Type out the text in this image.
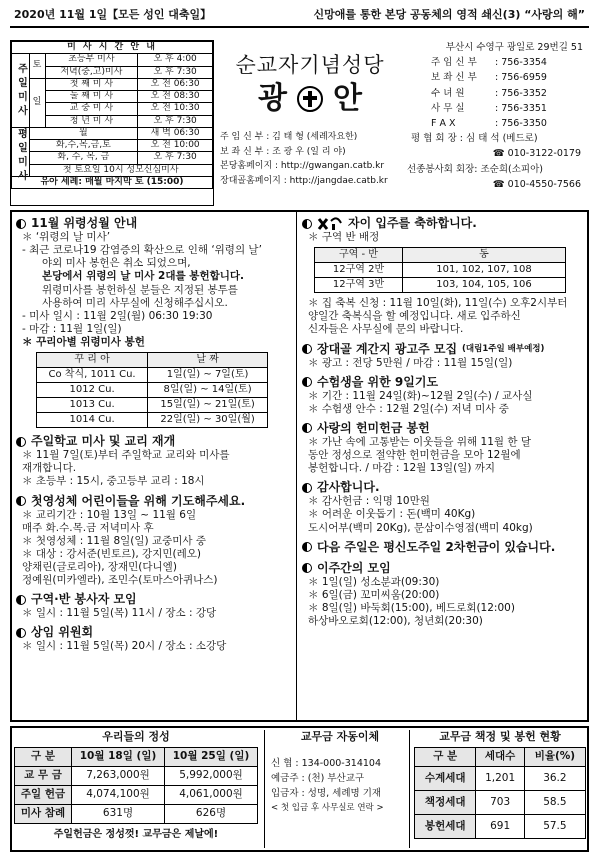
2020년 11월 1일【모든 성인 대축일】	신망애를 통한 본당 공동체의 영적 쇄신(3) “사랑의 해”
미 사 시 간 안 내			
주일미사	토	초등부 미사	오 후 4:00
		저녁(중,고)미사	오 후 7:30
	일	첫 째 미 사	오 전 06:30
		둘 째 미 사	오 전 08:30
		교 중 미 사	오 전 10:30
		청 년 미 사	오 후 7:30
평일미사	월		새 벽 06:30
	화,수,목,금,토		오 전 10:00
	화, 수, 목, 금		오 후 7:30
	첫 토요일 10시 성모신심미사		
유아 세례: 매월 마지막 토 (15:00)			
순교자기념성당
광 안
주 임 신 부 : 김 태 형 (세례자요한)
보 좌 신 부 : 조 광 우 (일 리 야)
본당홈페이지 : http://gwangan.catb.kr
장대골홈페이지 : http://jangdae.catb.kr
부산시 수영구 광일로 29번길 51
주 임 신 부	: 756-3354
보 좌 신 부	: 756-6959
수 녀 원	: 756-3352
사 무 실	: 756-3351
F A X	: 756-3350
평 협 회 장 : 심 태 석 (베드로)
☎ 010-3122-0179
선종봉사회 회장: 조순희(소피아)
☎ 010-4550-7566
11월 위령성월 안내
＊ ‘위령의 날 미사’
- 최근 코로나19 감염증의 확산으로 인해 ‘위령의 날’
야외 미사 봉헌은 취소 되었으며,
본당에서 위령의 날 미사 2대를 봉헌합니다.
위령미사를 봉헌하실 분들은 지정된 봉투를
사용하여 미리 사무실에 신청해주십시오.
- 미사 일시 : 11월 2일(월) 06:30 19:30
- 마감 : 11월 1일(일)
＊ 꾸리아별 위령미사 봉헌
꾸 리 아	날 짜
Co 착식, 1011 Cu.	1일(일) ~ 7일(토)
1012 Cu.	8일(일) ~ 14일(토)
1013 Cu.	15일(일) ~ 21일(토)
1014 Cu.	22일(일) ~ 30일(월)
주일학교 미사 및 교리 재개
＊ 11월 7일(토)부터 주일학교 교리와 미사를
재개합니다.
＊ 초등부 : 15시, 중고등부 교리 : 18시
첫영성체 어린이들을 위해 기도해주세요.
＊ 교리기간 : 10월 13일 ~ 11월 6일
매주 화.수.목.금 저녁미사 후
＊ 첫영성체 : 11월 8일(일) 교중미사 중
＊ 대상 : 강서준(빈토르), 강지민(레오)
양채린(글로리아), 장재민(다니엘)
정예원(미카엘라), 조민수(토마스아퀴나스)
구역·반 봉사자 모임
＊ 일시 : 11월 5일(목) 11시 / 장소 : 강당
상임 위원회
＊ 일시 : 11월 5일(목) 20시 / 장소 : 소강당
자이 입주를 축하합니다.
＊ 구역 반 배정
구역 - 반	동
12구역 2반	101, 102, 107, 108
12구역 3반	103, 104, 105, 106
＊ 집 축복 신청 : 11월 10일(화), 11일(수) 오후2시부터
양일간 축복식을 할 예정입니다. 새로 입주하신
신자들은 사무실에 문의 바랍니다.
장대골 계간지 광고주 모집 (대림1주일 배부예정)
＊ 광고 : 전당 5만원 / 마감 : 11월 15일(일)
수험생을 위한 9일기도
＊ 기간 : 11월 24일(화)~12월 2일(수) / 교사실
＊ 수험생 안수 : 12월 2일(수) 저녁 미사 중
사랑의 헌미헌금 봉헌
＊ 가난 속에 고통받는 이웃들을 위해 11월 한 달
동안 정성으로 절약한 헌미헌금을 모아 12월에
봉헌합니다. / 마감 : 12월 13일(일) 까지
감사합니다.
＊ 감사헌금 : 익명 10만원
＊ 어려운 이웃돕기 : 돈(백미 40Kg)
도시어부(백미 20Kg), 문삼이수영점(백미 40kg)
다음 주일은 평신도주일 2차헌금이 있습니다.
이주간의 모임
＊ 1일(일) 성소분과(09:30)
＊ 6일(금) 꼬미씨움(20:00)
＊ 8일(일) 바둑회(15:00), 베드로회(12:00)
하상바오로회(12:00), 청년회(20:30)
우리들의 정성
구 분	10월 18일 (일)	10월 25일 (일)
교 무 금	7,263,000원	5,992,000원
주일 헌금	4,074,100원	4,061,000원
미사 참례	631명	626명
주일헌금은 정성껏! 교무금은 제날에!
교무금 자동이체
신 협 : 134-000-314104
예금주 : (천) 부산교구
입금자 : 성명, 세례명 기재
< 첫 입금 후 사무실로 연락 >
교무금 책정 및 봉헌 현황
구 분	세대수	비율(%)
수계세대	1,201	36.2
책정세대	703	58.5
봉헌세대	691	57.5
